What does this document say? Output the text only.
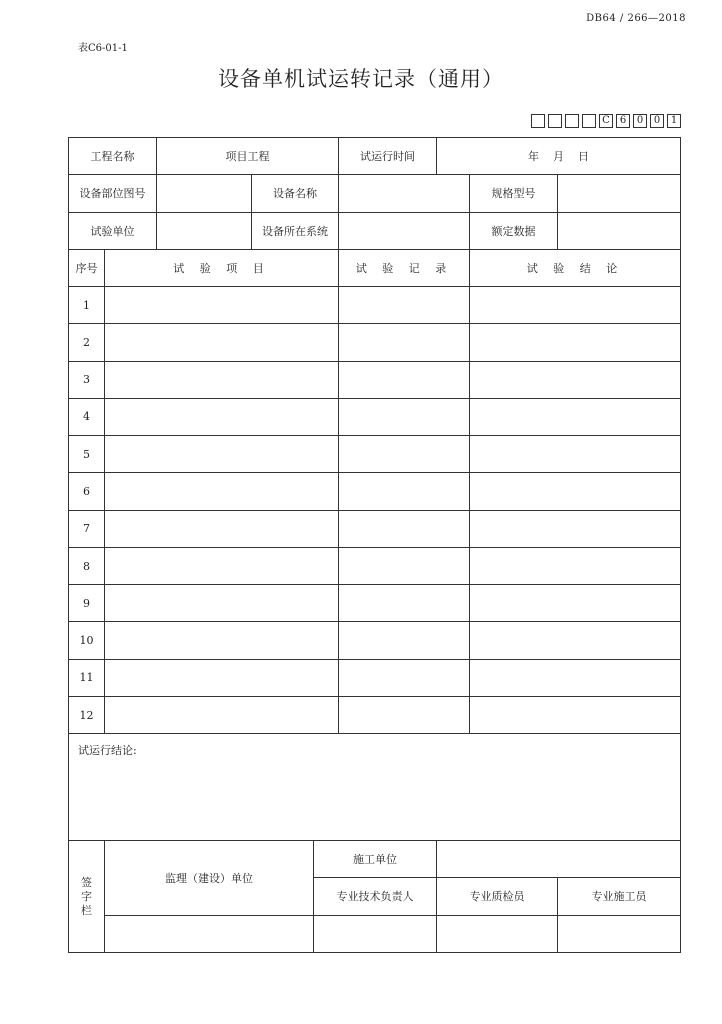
DB64 / 266—2018
表C6-01-1
设备单机试运转记录（通用）
C 6	0	0	1
工程名称		项目工程			试运行时间	年    月    日		
设备部位图号			设备名称				规格型号	
试验单位			设备所在系统				额定数据	
序号	试 验 项 目				试 验 记 录		试 验 结 论	
1								
2								
3								
4								
5								
6								
7								
8								
9								
10								
11								
12								
试运行结论:								

签
字
栏	监理（建设）单位			施工单位				
				专业技术负责人		专业质检员		专业施工员
